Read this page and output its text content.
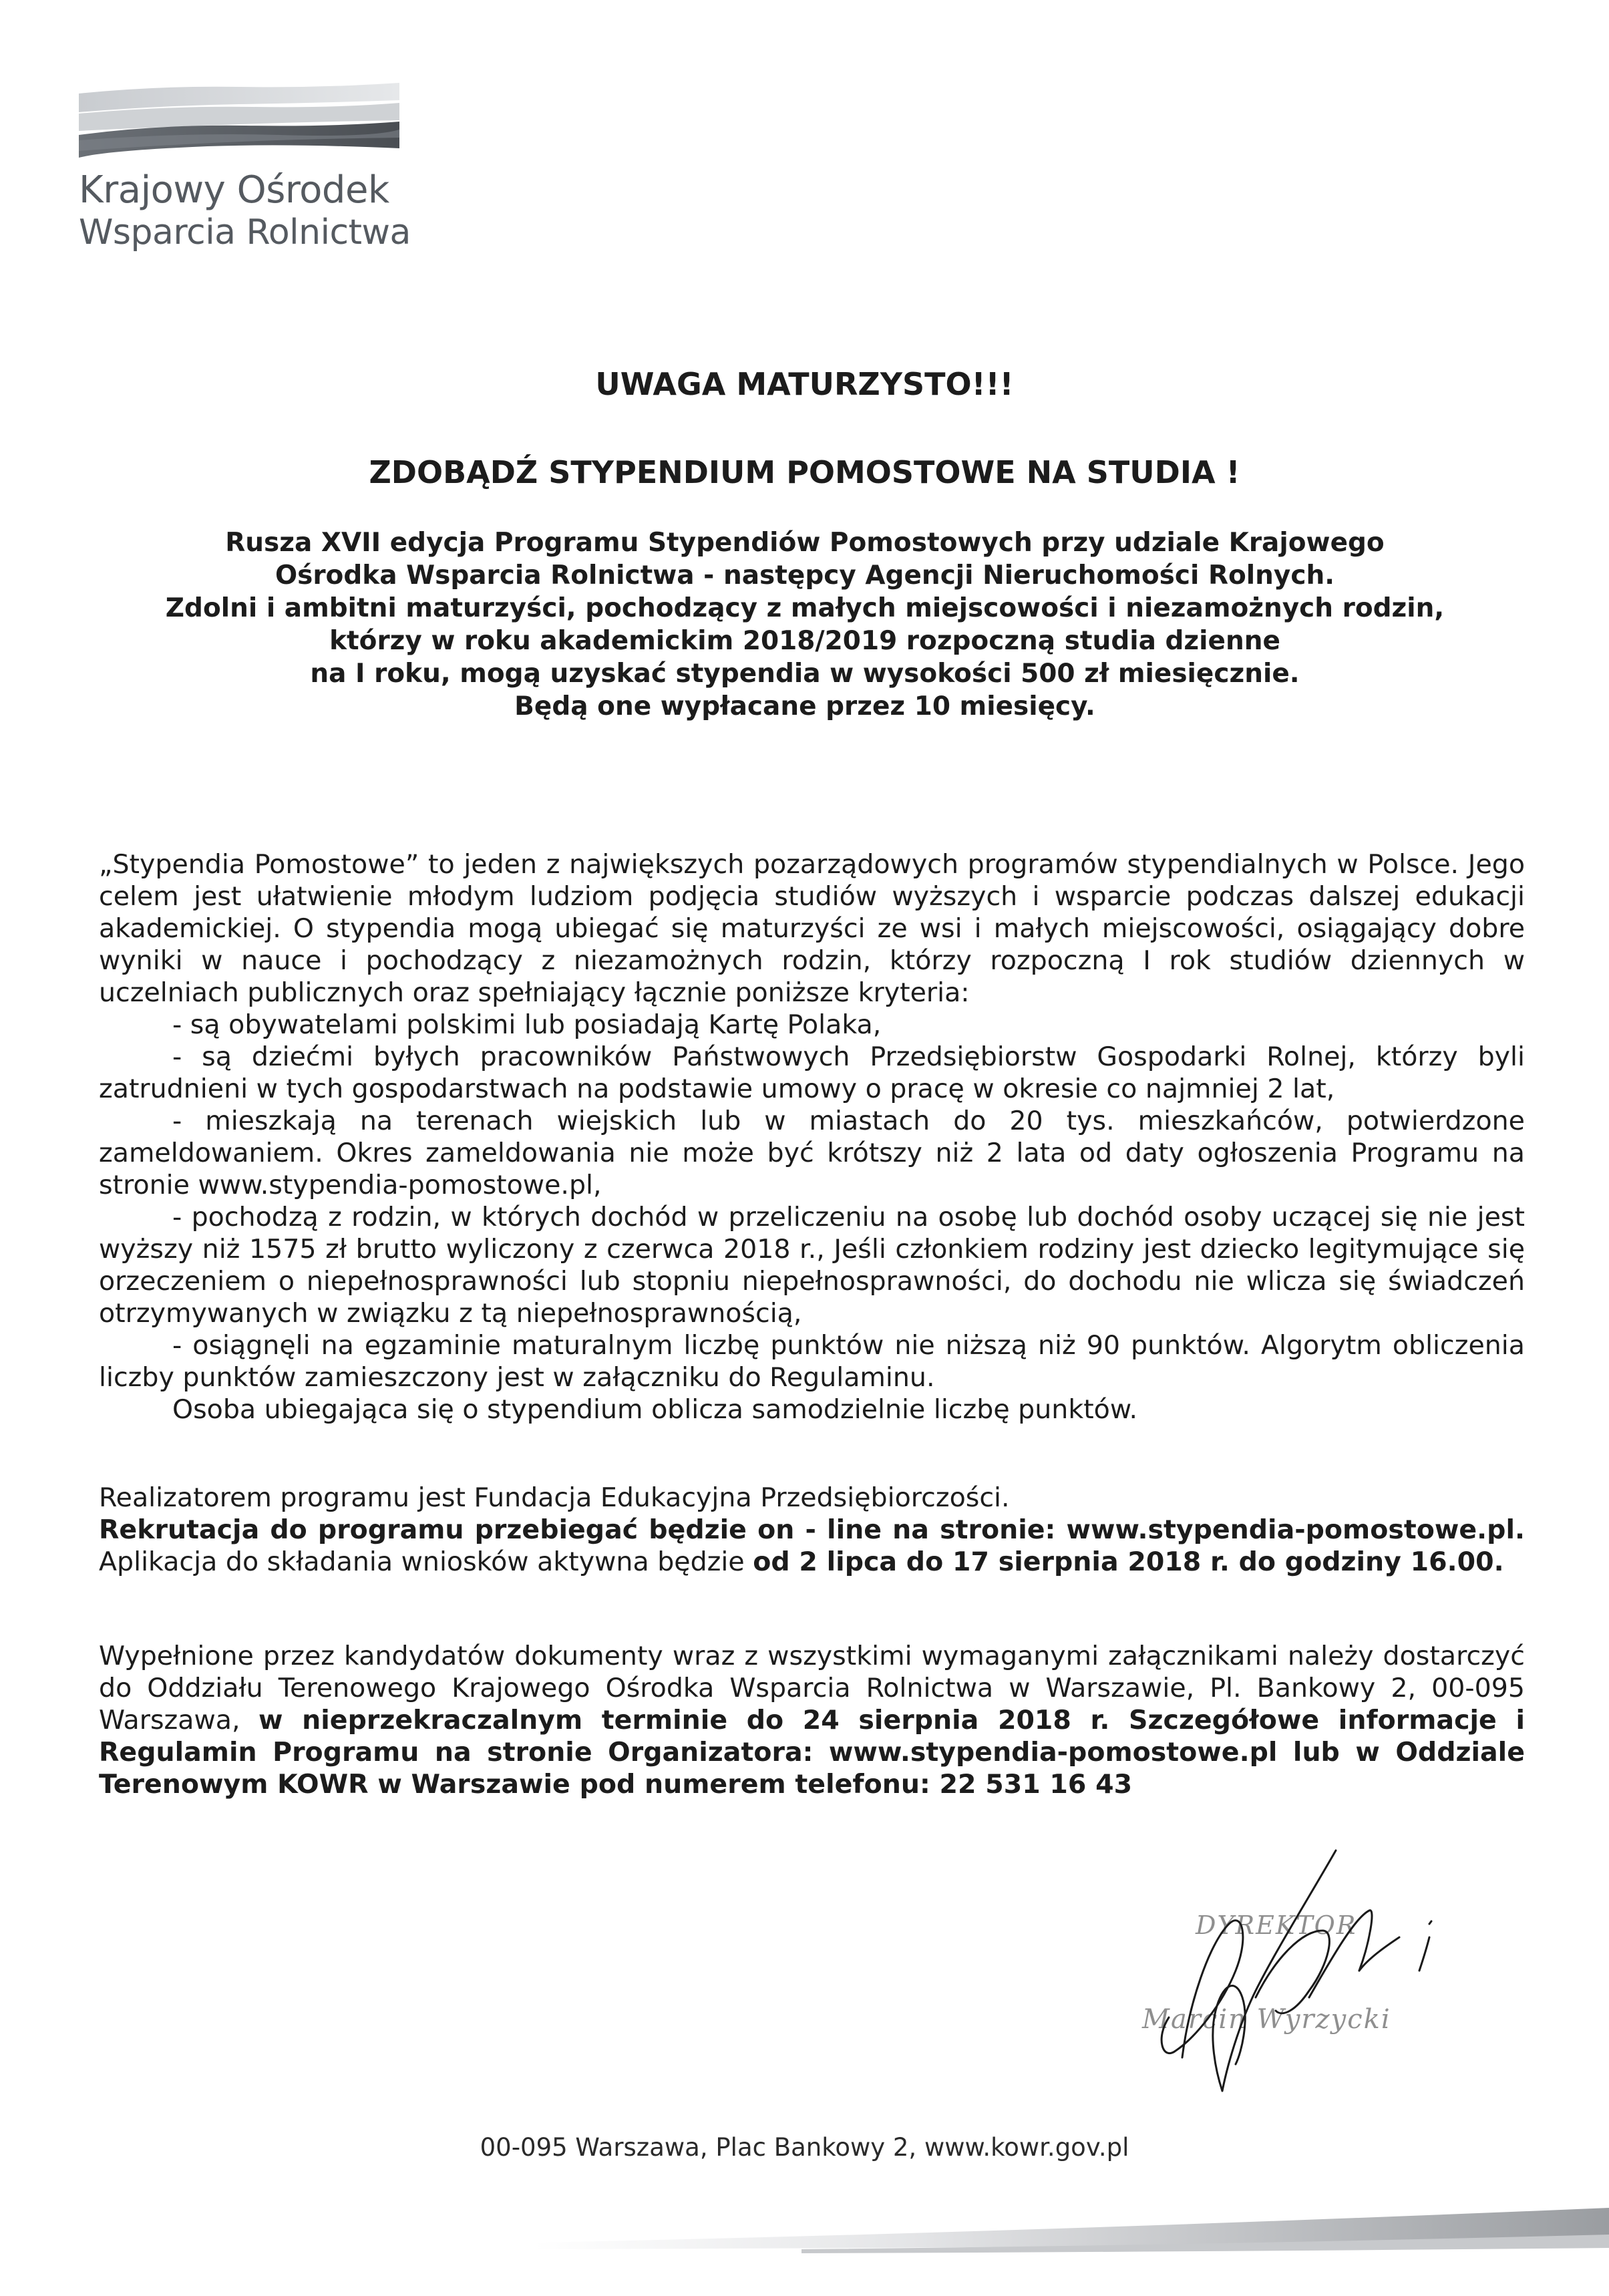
Krajowy Ośrodek
Wsparcia Rolnictwa
UWAGA MATURZYSTO!!!
ZDOBĄDŹ STYPENDIUM POMOSTOWE NA STUDIA !
Rusza XVII edycja Programu Stypendiów Pomostowych przy udziale Krajowego
Ośrodka Wsparcia Rolnictwa - następcy Agencji Nieruchomości Rolnych.
Zdolni i ambitni maturzyści, pochodzący z małych miejscowości i niezamożnych rodzin,
którzy w roku akademickim 2018/2019 rozpoczną studia dzienne
na I roku, mogą uzyskać stypendia w wysokości 500 zł miesięcznie.
Będą one wypłacane przez 10 miesięcy.

„Stypendia Pomostowe” to jeden z największych pozarządowych programów stypendialnych w Polsce. Jego celem jest ułatwienie młodym ludziom podjęcia studiów wyższych i wsparcie podczas dalszej edukacji akademickiej. O stypendia mogą ubiegać się maturzyści ze wsi i małych miejscowości, osiągający dobre wyniki w nauce i pochodzący z niezamożnych rodzin, którzy rozpoczną I rok studiów dziennych w uczelniach publicznych oraz spełniający łącznie poniższe kryteria:

- są obywatelami polskimi lub posiadają Kartę Polaka,

- są dziećmi byłych pracowników Państwowych Przedsiębiorstw Gospodarki Rolnej, którzy byli zatrudnieni w tych gospodarstwach na podstawie umowy o pracę w okresie co najmniej 2 lat,

- mieszkają na terenach wiejskich lub w miastach do 20 tys. mieszkańców, potwierdzone zameldowaniem. Okres zameldowania nie może być krótszy niż 2 lata od daty ogłoszenia Programu na stronie www.stypendia-pomostowe.pl,

- pochodzą z rodzin, w których dochód w przeliczeniu na osobę lub dochód osoby uczącej się nie jest wyższy niż 1575 zł brutto wyliczony z czerwca 2018 r., Jeśli członkiem rodziny jest dziecko legitymujące się orzeczeniem o niepełnosprawności lub stopniu niepełnosprawności, do dochodu nie wlicza się świadczeń otrzymywanych w związku z tą niepełnosprawnością,

- osiągnęli na egzaminie maturalnym liczbę punktów nie niższą niż 90 punktów. Algorytm obliczenia liczby punktów zamieszczony jest w załączniku do Regulaminu.

Osoba ubiegająca się o stypendium oblicza samodzielnie liczbę punktów.

Realizatorem programu jest Fundacja Edukacyjna Przedsiębiorczości.

Rekrutacja do programu przebiegać będzie on - line na stronie: www.stypendia-pomostowe.pl. Aplikacja do składania wniosków aktywna będzie od 2 lipca do 17 sierpnia 2018 r. do godziny 16.00.

Wypełnione przez kandydatów dokumenty wraz z wszystkimi wymaganymi załącznikami należy dostarczyć do Oddziału Terenowego Krajowego Ośrodka Wsparcia Rolnictwa w Warszawie, Pl. Bankowy 2, 00-095 Warszawa, w nieprzekraczalnym terminie do 24 sierpnia 2018 r. Szczegółowe informacje i Regulamin Programu na stronie Organizatora: www.stypendia-pomostowe.pl lub w Oddziale Terenowym KOWR w Warszawie pod numerem telefonu: 22 531 16 43

DYREKTOR
Marcin Wyrzycki
00-095 Warszawa, Plac Bankowy 2, www.kowr.gov.pl
